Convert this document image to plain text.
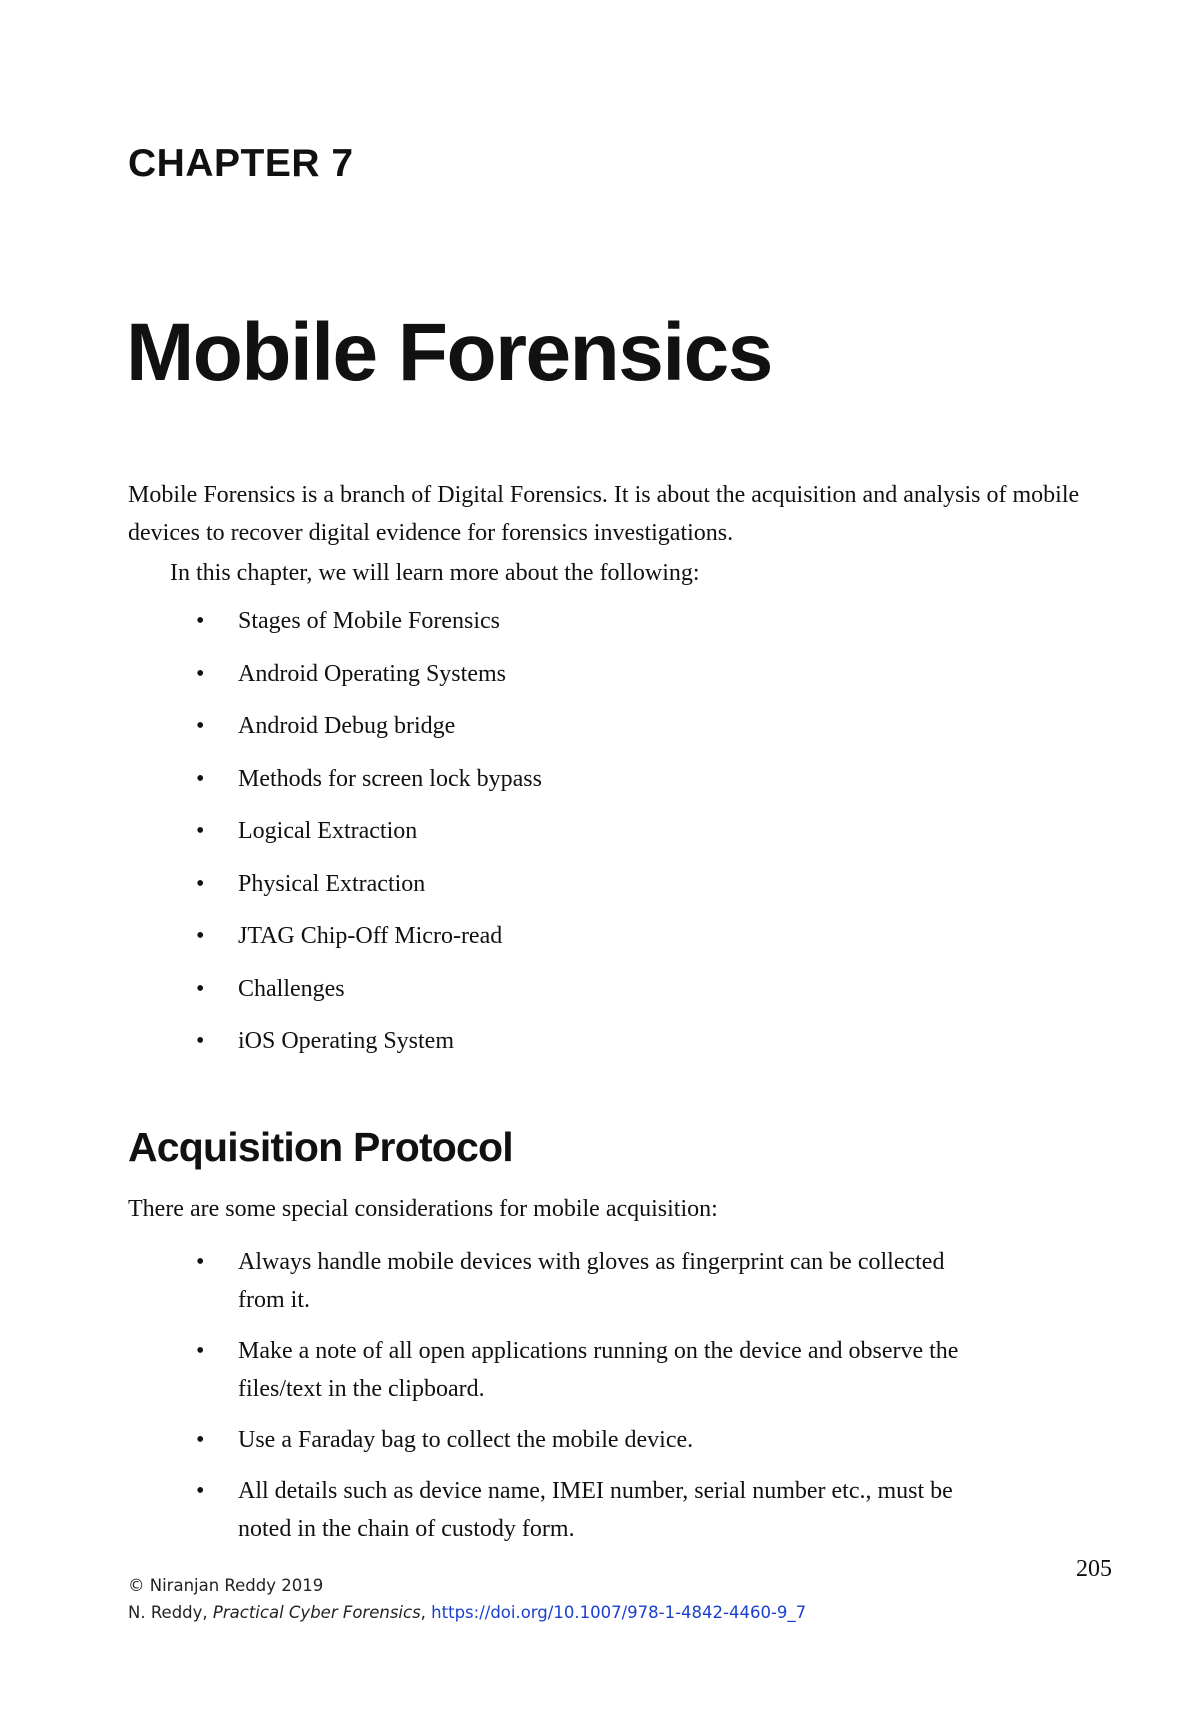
CHAPTER 7
Mobile Forensics

Mobile Forensics is a branch of Digital Forensics. It is about the acquisition and analysis of mobile devices to recover digital evidence for forensics investigations.

In this chapter, we will learn more about the following:

• Stages of Mobile Forensics
• Android Operating Systems
• Android Debug bridge
• Methods for screen lock bypass
• Logical Extraction
• Physical Extraction
• JTAG Chip-Off Micro-read
• Challenges
• iOS Operating System
Acquisition Protocol

There are some special considerations for mobile acquisition:

• Always handle mobile devices with gloves as fingerprint can be collected from it.
• Make a note of all open applications running on the device and observe the files/text in the clipboard.
• Use a Faraday bag to collect the mobile device.
• All details such as device name, IMEI number, serial number etc., must be noted in the chain of custody form.

205

© Niranjan Reddy 2019
N. Reddy, Practical Cyber Forensics, https://doi.org/10.1007/978-1-4842-4460-9_7
